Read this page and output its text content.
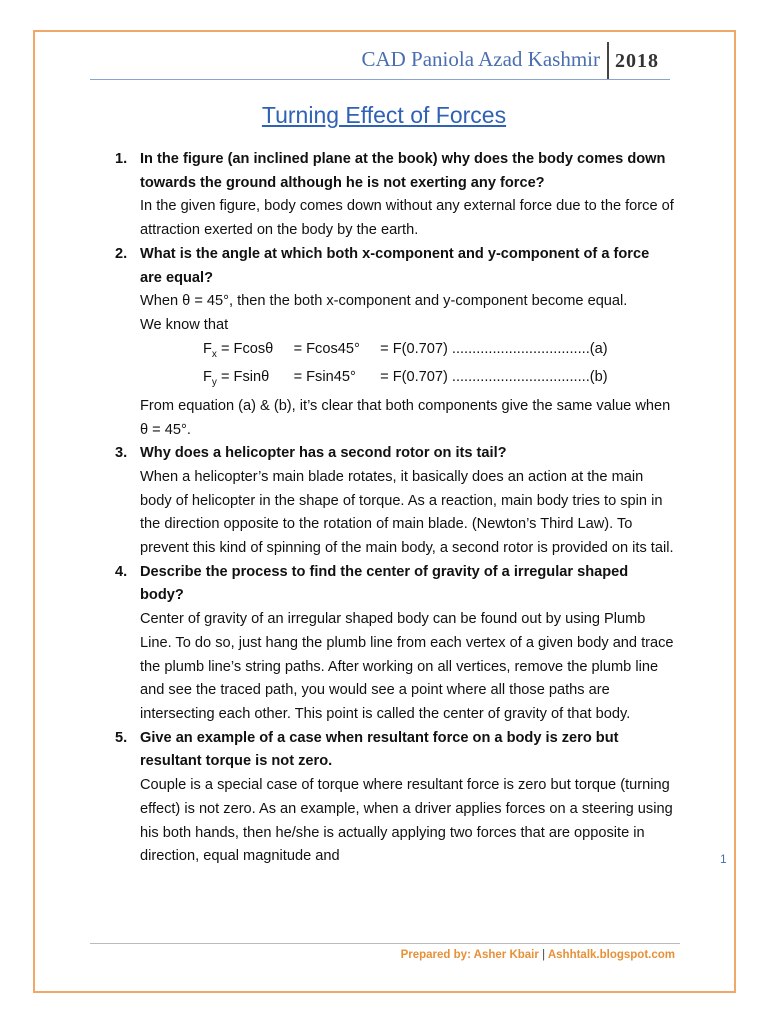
CAD Paniola Azad Kashmir 2018
Turning Effect of Forces
1. In the figure (an inclined plane at the book) why does the body comes down towards the ground although he is not exerting any force?

In the given figure, body comes down without any external force due to the force of attraction exerted on the body by the earth.

2. What is the angle at which both x-component and y-component of a force are equal?

When θ = 45°, then the both x-component and y-component become equal.

We know that

$F_x = Fcos\theta$     = Fcos45°     = F(0.707) ..................................(a)

$F_y = Fsin\theta$      = Fsin45°      = F(0.707) ..................................(b)

From equation (a) & (b), it’s clear that both components give the same value when θ = 45°.

3. Why does a helicopter has a second rotor on its tail?

When a helicopter’s main blade rotates, it basically does an action at the main body of helicopter in the shape of torque. As a reaction, main body tries to spin in the direction opposite to the rotation of main blade. (Newton’s Third Law). To prevent this kind of spinning of the main body, a second rotor is provided on its tail.

4. Describe the process to find the center of gravity of a irregular shaped body?

Center of gravity of an irregular shaped body can be found out by using Plumb Line. To do so, just hang the plumb line from each vertex of a given body and trace the plumb line’s string paths. After working on all vertices, remove the plumb line and see the traced path, you would see a point where all those paths are intersecting each other. This point is called the center of gravity of that body.

5. Give an example of a case when resultant force on a body is zero but resultant torque is not zero.

Couple is a special case of torque where resultant force is zero but torque (turning effect) is not zero. As an example, when a driver applies forces on a steering using his both hands, then he/she is actually applying two forces that are opposite in direction, equal magnitude and	1
Prepared by: Asher Kbair | Ashhtalk.blogspot.com
